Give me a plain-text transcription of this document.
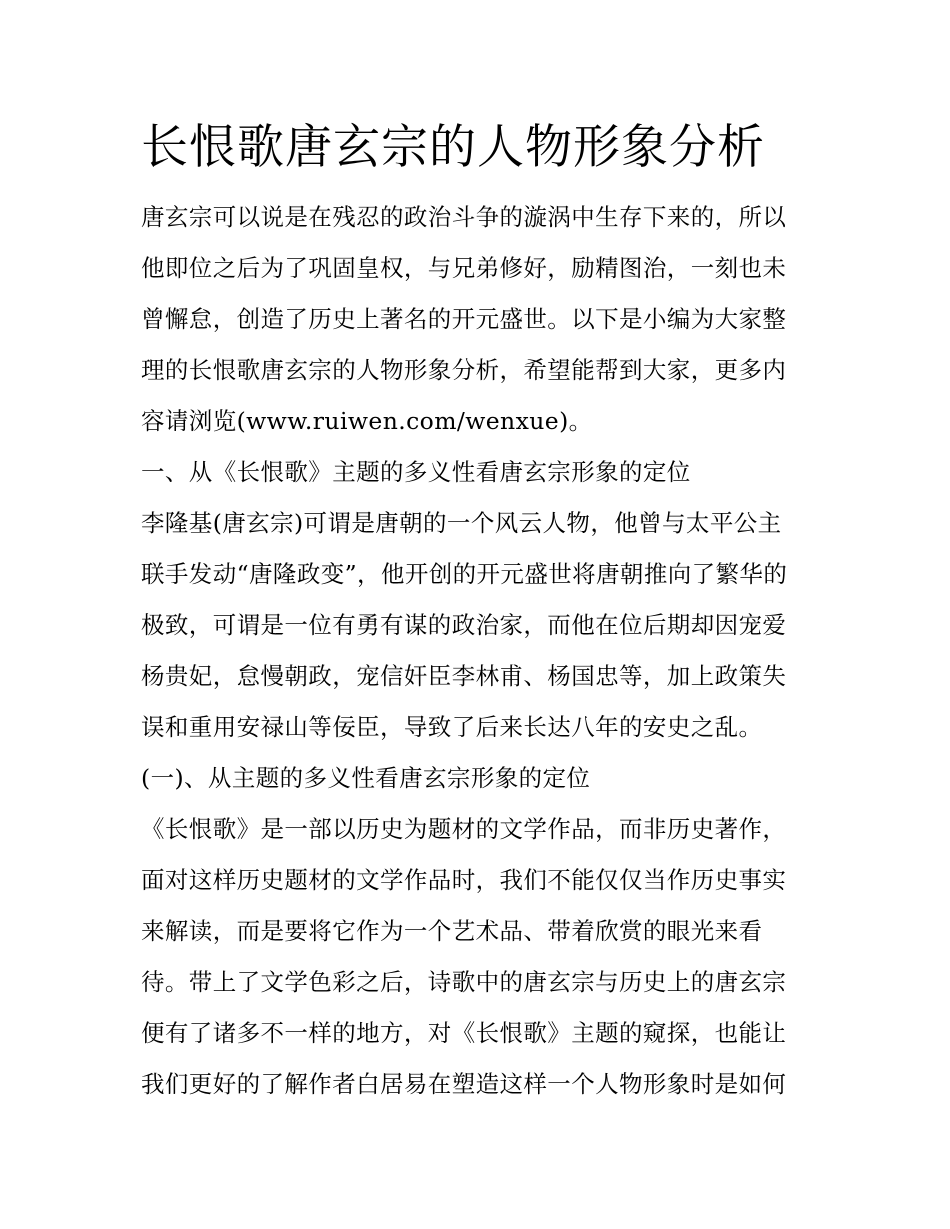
长恨歌唐玄宗的人物形象分析
唐玄宗可以说是在残忍的政治斗争的漩涡中生存下来的，所以
他即位之后为了巩固皇权，与兄弟修好，励精图治，一刻也未
曾懈怠，创造了历史上著名的开元盛世。以下是小编为大家整
理的长恨歌唐玄宗的人物形象分析，希望能帮到大家，更多内
容请浏览(www.ruiwen.com/wenxue)。
一、从《长恨歌》主题的多义性看唐玄宗形象的定位
李隆基(唐玄宗)可谓是唐朝的一个风云人物，他曾与太平公主
联手发动“唐隆政变”，他开创的开元盛世将唐朝推向了繁华的
极致，可谓是一位有勇有谋的政治家，而他在位后期却因宠爱
杨贵妃，怠慢朝政，宠信奸臣李林甫、杨国忠等，加上政策失
误和重用安禄山等佞臣，导致了后来长达八年的安史之乱。
(一)、从主题的多义性看唐玄宗形象的定位
《长恨歌》是一部以历史为题材的文学作品，而非历史著作，
面对这样历史题材的文学作品时，我们不能仅仅当作历史事实
来解读，而是要将它作为一个艺术品、带着欣赏的眼光来看
待。带上了文学色彩之后，诗歌中的唐玄宗与历史上的唐玄宗
便有了诸多不一样的地方，对《长恨歌》主题的窥探，也能让
我们更好的了解作者白居易在塑造这样一个人物形象时是如何
